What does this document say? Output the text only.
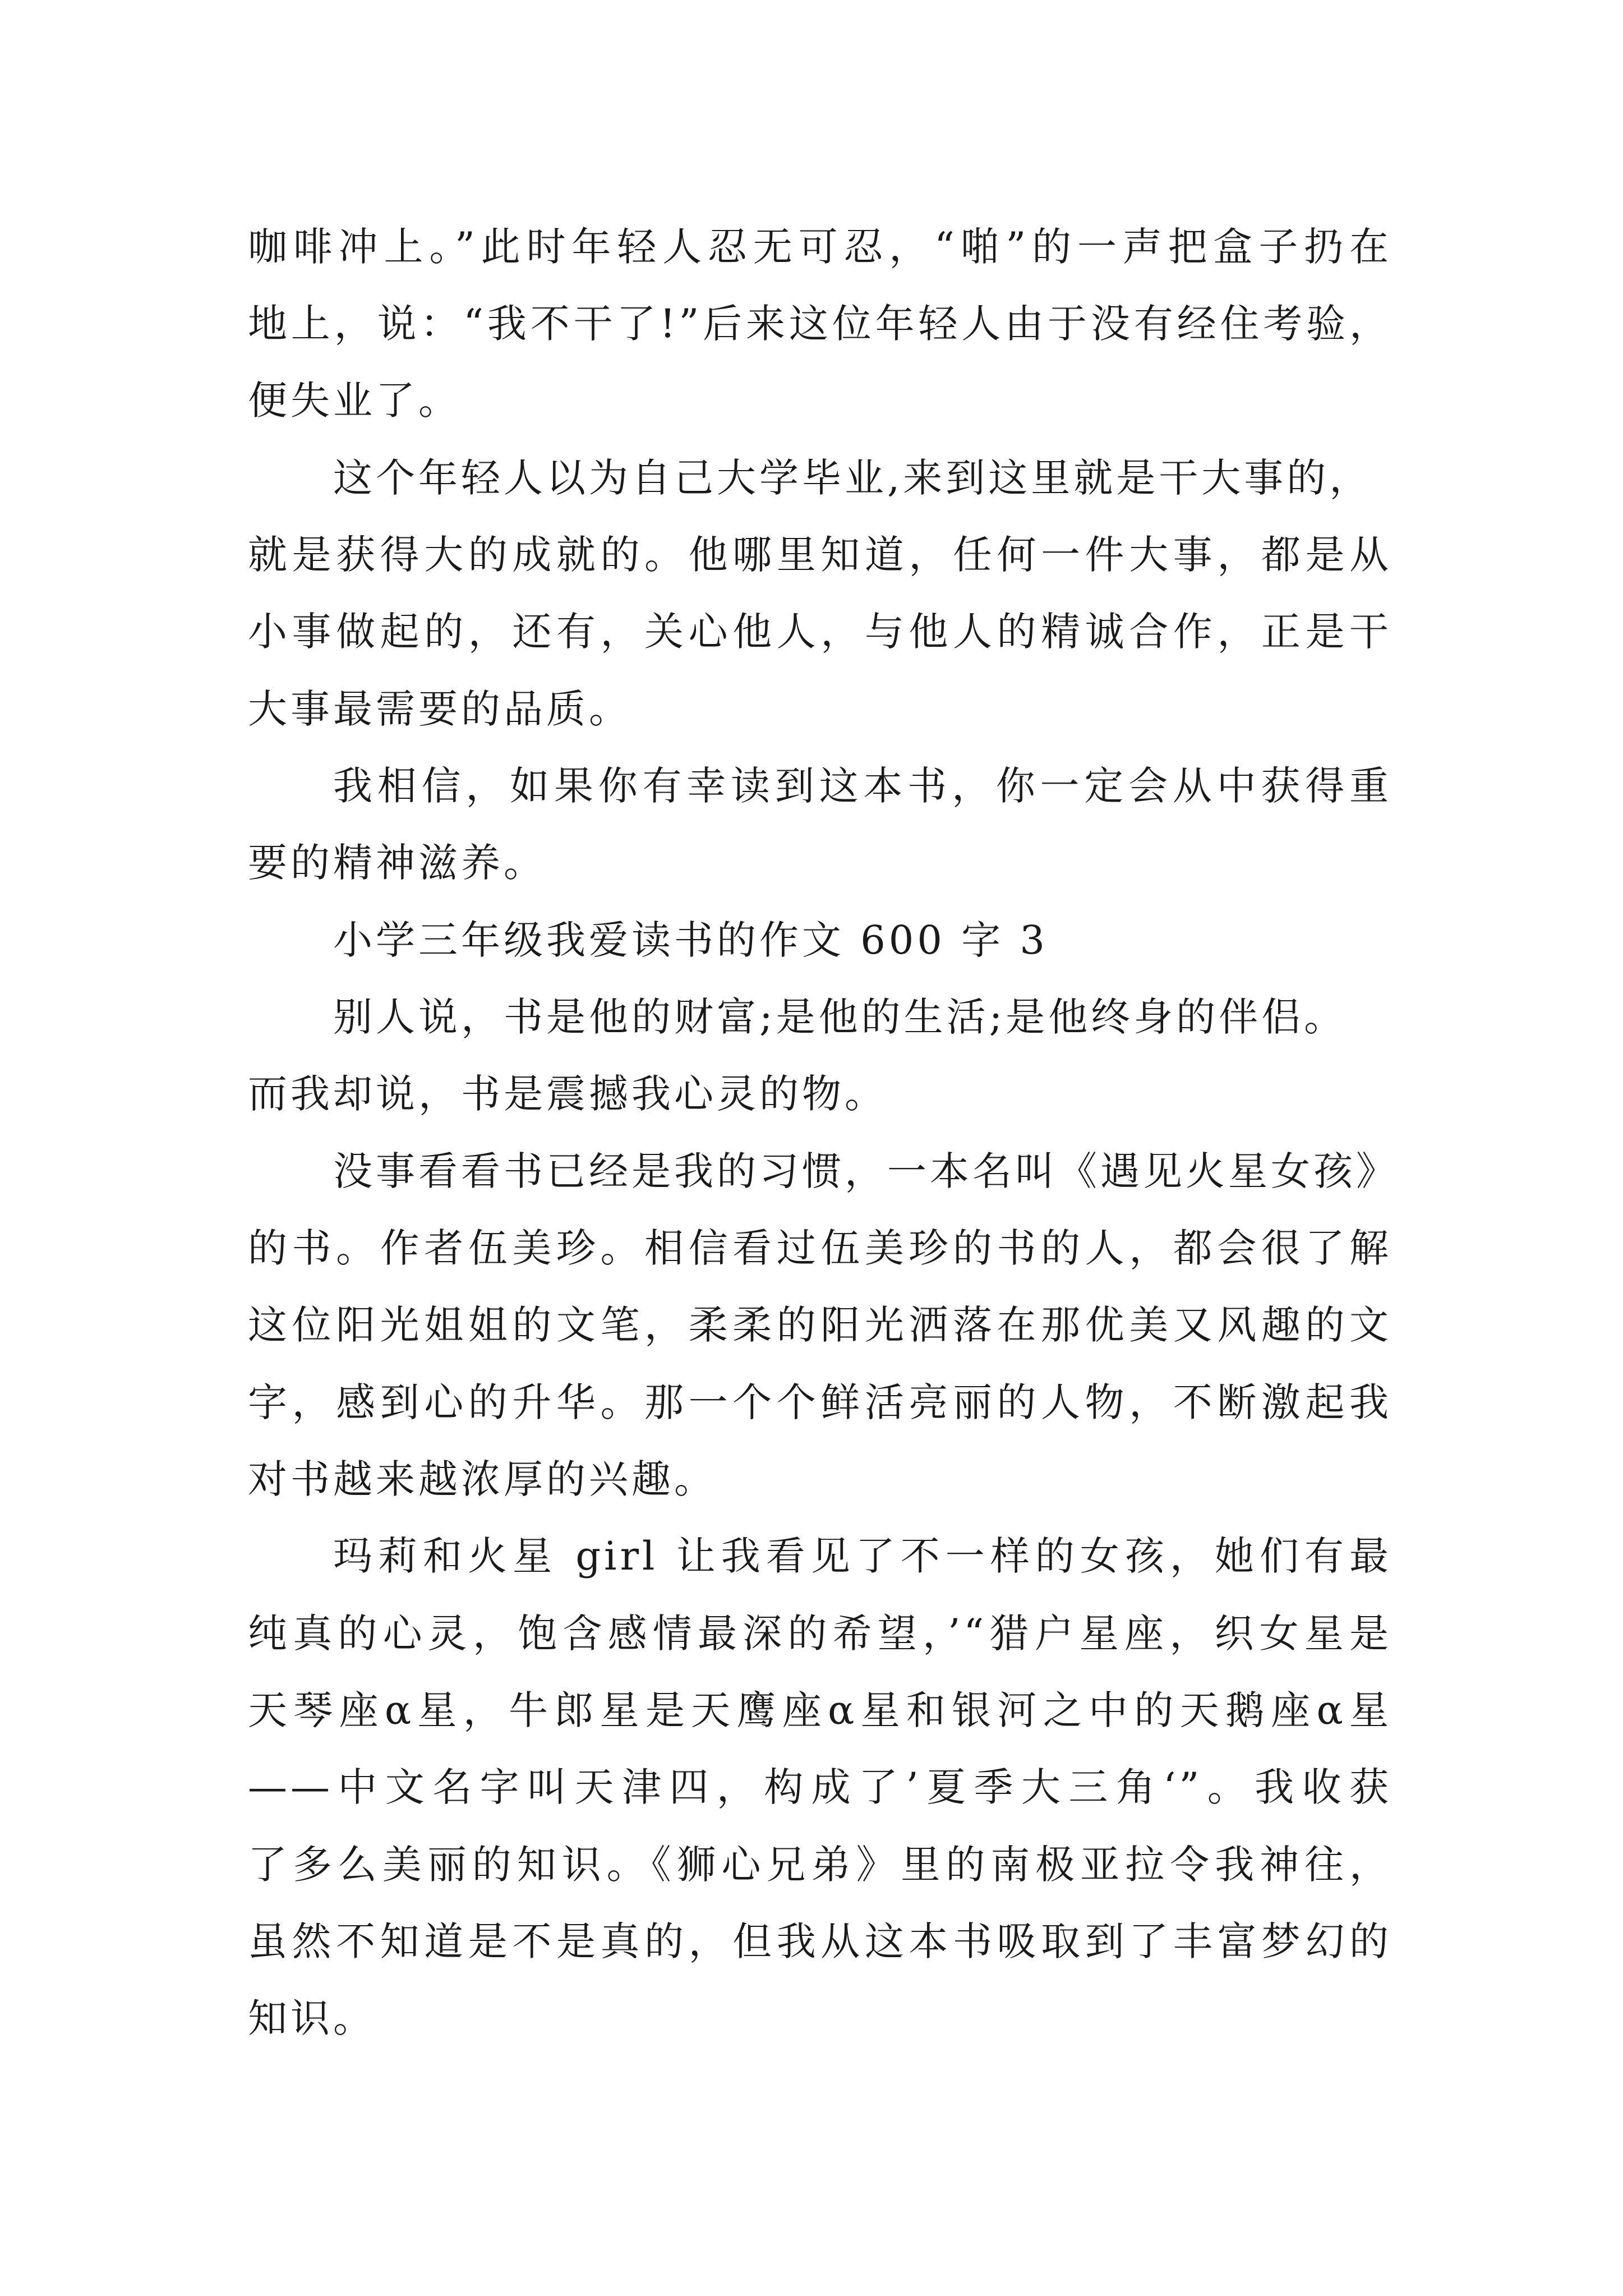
咖啡冲上。”此时年轻人忍无可忍，“啪”的一声把盒子扔在
地上，说：“我不干了!”后来这位年轻人由于没有经住考验，
便失业了。
这个年轻人以为自己大学毕业,来到这里就是干大事的，
就是获得大的成就的。他哪里知道，任何一件大事，都是从
小事做起的，还有，关心他人，与他人的精诚合作，正是干
大事最需要的品质。
我相信，如果你有幸读到这本书，你一定会从中获得重
要的精神滋养。
小学三年级我爱读书的作文 600 字 3
别人说，书是他的财富;是他的生活;是他终身的伴侣。
而我却说，书是震撼我心灵的物。
没事看看书已经是我的习惯，一本名叫《遇见火星女孩》
的书。作者伍美珍。相信看过伍美珍的书的人，都会很了解
这位阳光姐姐的文笔，柔柔的阳光洒落在那优美又风趣的文
字，感到心的升华。那一个个鲜活亮丽的人物，不断激起我
对书越来越浓厚的兴趣。
玛莉和火星 girl 让我看见了不一样的女孩，她们有最
纯真的心灵，饱含感情最深的希望，’“猎户星座，织女星是
天琴座α星，牛郎星是天鹰座α星和银河之中的天鹅座α星
——中文名字叫天津四，构成了’夏季大三角‘”。我收获
了多么美丽的知识。《狮心兄弟》里的南极亚拉令我神往，
虽然不知道是不是真的，但我从这本书吸取到了丰富梦幻的
知识。
